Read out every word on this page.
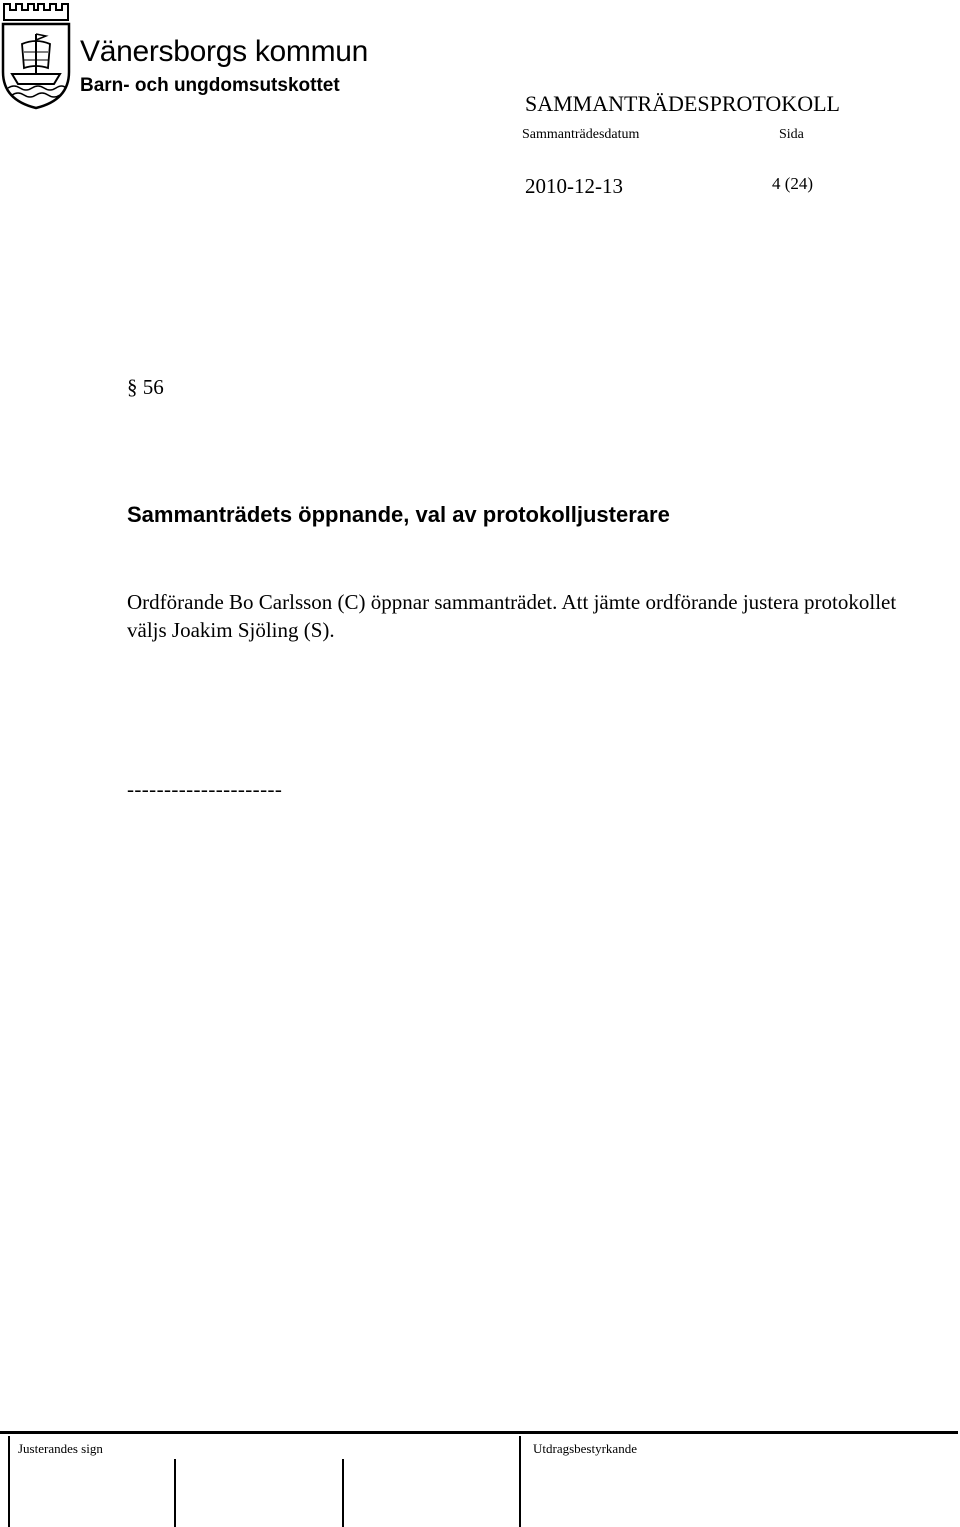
Vänersborgs kommun
Barn- och ungdomsutskottet
SAMMANTRÄDESPROTOKOLL
Sammanträdesdatum	Sida
2010-12-13	4 (24)
§ 56
Sammanträdets öppnande, val av protokolljusterare
Ordförande Bo Carlsson (C) öppnar sammanträdet. Att jämte ordförande justera protokollet väljs Joakim Sjöling (S).
---------------------
Justerandes sign	Utdragsbestyrkande
